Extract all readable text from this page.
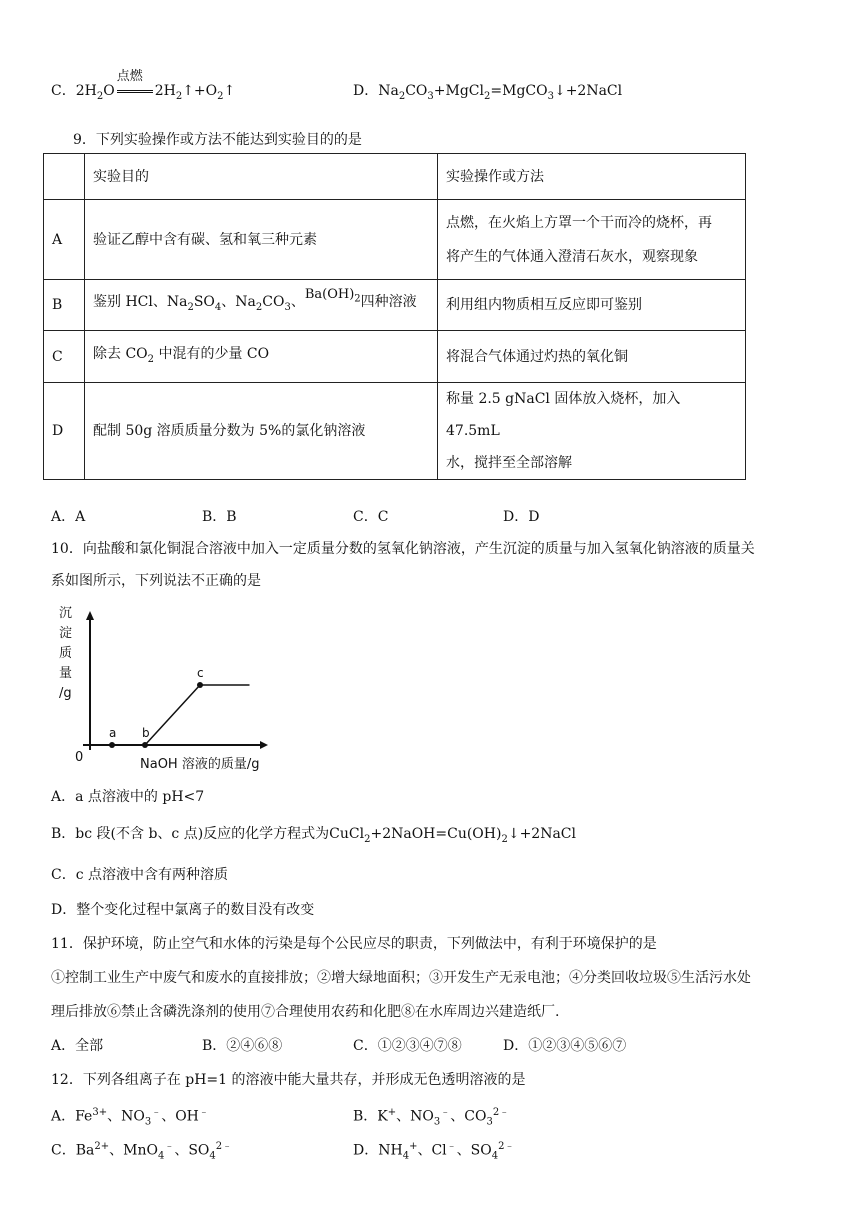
C．$2H_2O$
点燃
$2H_2↑+O_2↑$	D．$Na_2CO_3+MgCl_2=MgCO_3↓+2NaCl$
9．下列实验操作或方法不能达到实验目的的是
	实验目的	实验操作或方法
A	验证乙醇中含有碳、氢和氧三种元素	点燃，在火焰上方罩一个干而冷的烧杯，再
将产生的气体通入澄清石灰水，观察现象

B	鉴别 HCl、$Na_2SO_4$、$Na_2CO_3$、$Ba(OH)_2$四种溶液	利用组内物质相互反应即可鉴别
C	除去 $CO_2$ 中混有的少量 CO	将混合气体通过灼热的氧化铜
D	配制 50g 溶质质量分数为 5%的氯化钠溶液	称量 2.5 gNaCl 固体放入烧杯，加入 47.5mL
水，搅拌至全部溶解
A．A	B．B	C．C	D．D
10．向盐酸和氯化铜混合溶液中加入一定质量分数的氢氧化钠溶液，产生沉淀的质量与加入氢氧化钠溶液的质量关
系如图所示，下列说法不正确的是
沉
淀
质
量
/g
0	NaOH 溶液的质量/g
a b
c
A．a 点溶液中的 pH<7
B．bc 段(不含 b、c 点)反应的化学方程式为$CuCl_2+2NaOH=Cu(OH)_2↓+2NaCl$
C．c 点溶液中含有两种溶质
D．整个变化过程中氯离子的数目没有改变
11．保护环境，防止空气和水体的污染是每个公民应尽的职责，下列做法中，有利于环境保护的是
①控制工业生产中废气和废水的直接排放；②增大绿地面积；③开发生产无汞电池；④分类回收垃圾⑤生活污水处
理后排放⑥禁止含磷洗涤剂的使用⑦合理使用农药和化肥⑧在水库周边兴建造纸厂.
A．全部	B．②④⑥⑧	C．①②③④⑦⑧	D．①②③④⑤⑥⑦
12．下列各组离子在 pH=1 的溶液中能大量共存，并形成无色透明溶液的是
A．$Fe^{3+}$、$NO_3^﹣$、OH﹣	B．K+、$NO_3^﹣$、$CO_3^{2﹣}$
C．$Ba^{2+}$、MnO$_4$﹣、$SO_4^{2﹣}$	D．$NH_4^+$、Cl﹣、$SO_4^{2﹣}$
